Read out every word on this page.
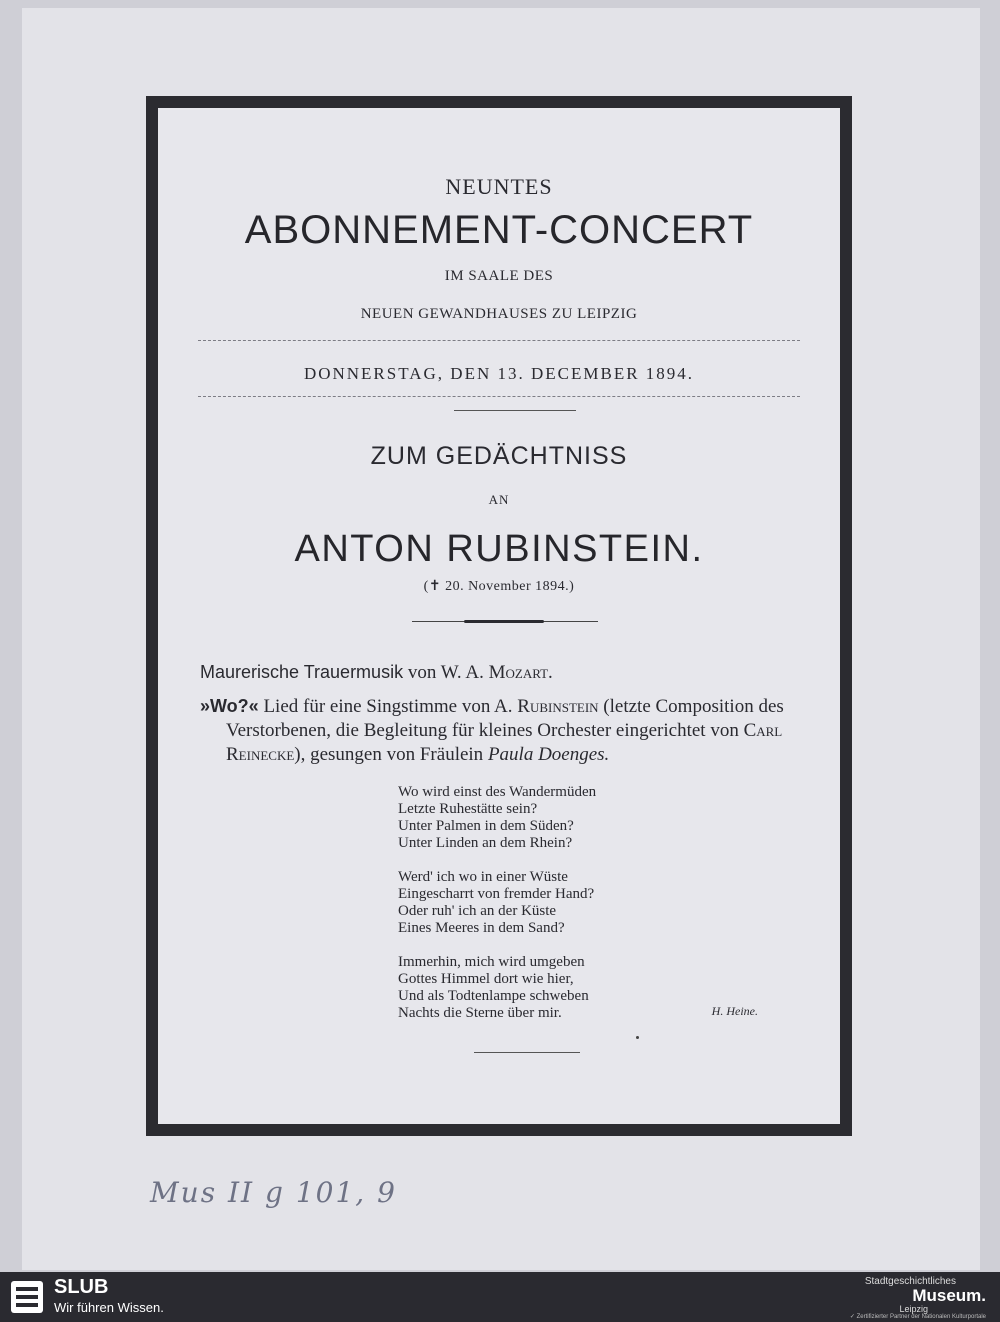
NEUNTES
ABONNEMENT-CONCERT
IM SAALE DES
NEUEN GEWANDHAUSES ZU LEIPZIG
DONNERSTAG, DEN 13. DECEMBER 1894.
ZUM GEDÄCHTNISS
AN
ANTON RUBINSTEIN.
(✝ 20. November 1894.)
Maurerische Trauermusik von W. A. Mozart.
»Wo?« Lied für eine Singstimme von A. Rubinstein (letzte Composition des Verstorbenen, die Begleitung für kleines Orchester eingerichtet von Carl Reinecke), gesungen von Fräulein Paula Doenges.
Wo wird einst des Wandermüden
Letzte Ruhestätte sein?
Unter Palmen in dem Süden?
Unter Linden an dem Rhein?
Werd' ich wo in einer Wüste
Eingescharrt von fremder Hand?
Oder ruh' ich an der Küste
Eines Meeres in dem Sand?
Immerhin, mich wird umgeben
Gottes Himmel dort wie hier,
Und als Todtenlampe schweben
Nachts die Sterne über mir.	H. Heine.
Mus II g 101, 9
SLUB
Wir führen Wissen.
Stadtgeschichtliches
Museum.
Leipzig
✓ Zertifizierter Partner der Nationalen Kulturportale
